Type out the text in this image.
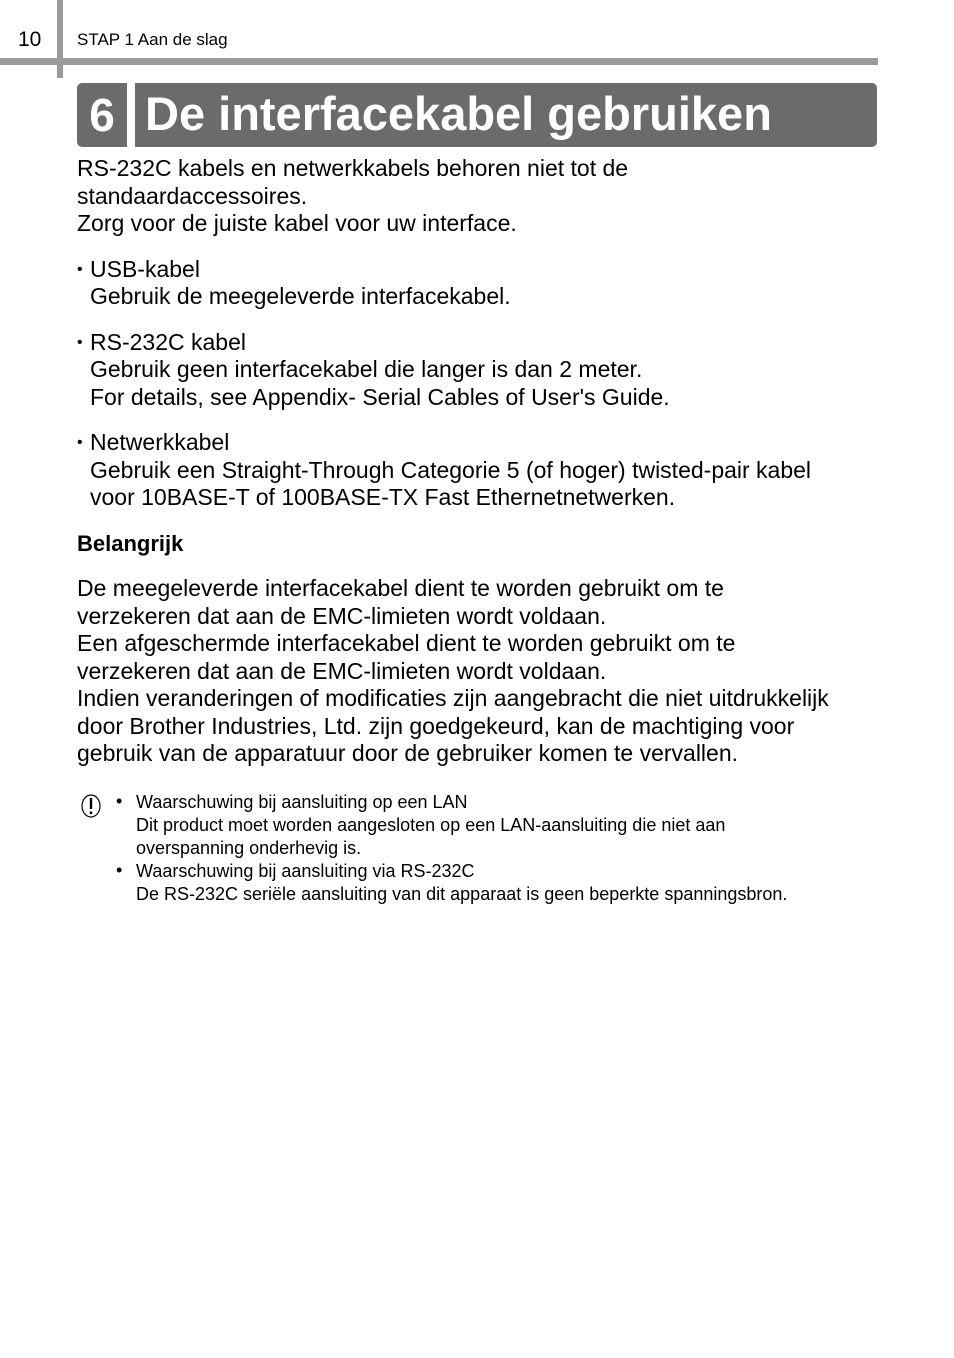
10 STAP 1 Aan de slag
6 De interfacekabel gebruiken

RS-232C kabels en netwerkkabels behoren niet tot de

standaardaccessoires.

Zorg voor de juiste kabel voor uw interface.

• USB-kabel

Gebruik de meegeleverde interfacekabel.

• RS-232C kabel

Gebruik geen interfacekabel die langer is dan 2 meter.

For details, see Appendix- Serial Cables of User's Guide.

• Netwerkkabel

Gebruik een Straight-Through Categorie 5 (of hoger) twisted-pair kabel

voor 10BASE-T of 100BASE-TX Fast Ethernetnetwerken.

Belangrijk

De meegeleverde interfacekabel dient te worden gebruikt om te

verzekeren dat aan de EMC-limieten wordt voldaan.

Een afgeschermde interfacekabel dient te worden gebruikt om te

verzekeren dat aan de EMC-limieten wordt voldaan.

Indien veranderingen of modificaties zijn aangebracht die niet uitdrukkelijk

door Brother Industries, Ltd. zijn goedgekeurd, kan de machtiging voor

gebruik van de apparatuur door de gebruiker komen te vervallen.

• Waarschuwing bij aansluiting op een LAN
Dit product moet worden aangesloten op een LAN-aansluiting die niet aan
overspanning onderhevig is.
• Waarschuwing bij aansluiting via RS-232C
De RS-232C seriële aansluiting van dit apparaat is geen beperkte spanningsbron.
